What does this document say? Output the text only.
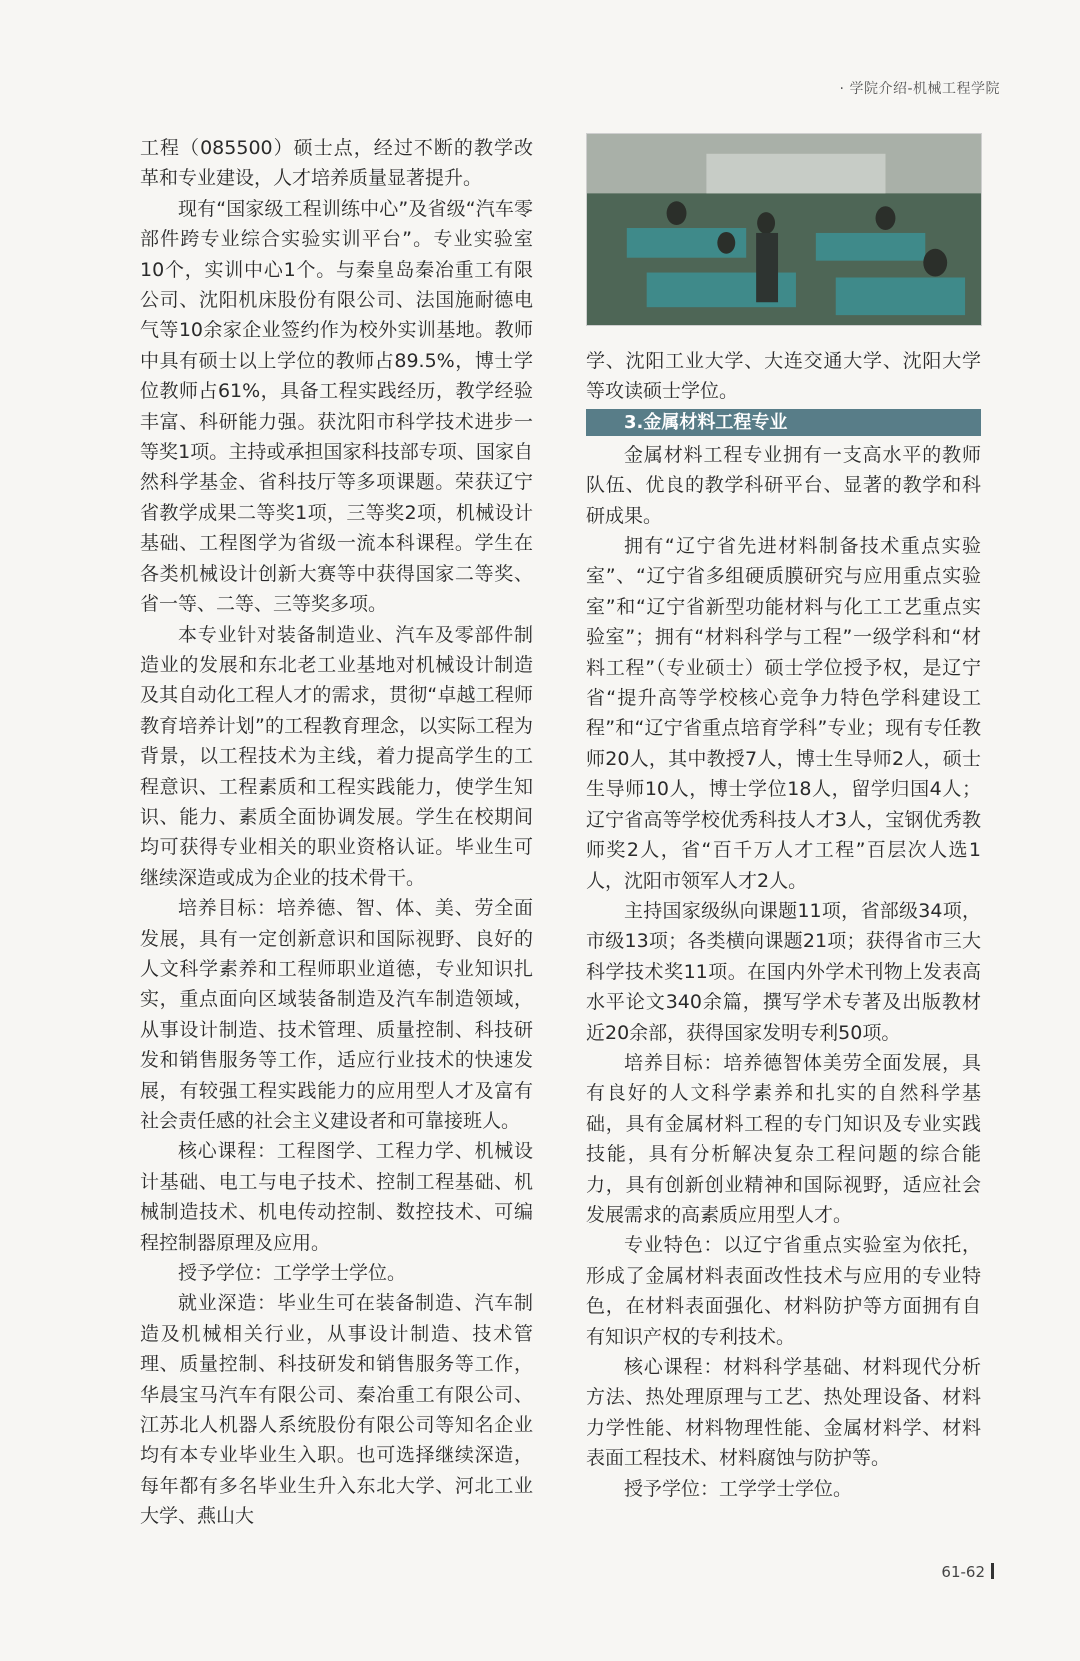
· 学院介绍-机械工程学院

工程（085500）硕士点，经过不断的教学改革和专业建设，人才培养质量显著提升。

现有“国家级工程训练中心”及省级“汽车零部件跨专业综合实验实训平台”。专业实验室10个，实训中心1个。与秦皇岛秦冶重工有限公司、沈阳机床股份有限公司、法国施耐德电气等10余家企业签约作为校外实训基地。教师中具有硕士以上学位的教师占89.5%，博士学位教师占61%，具备工程实践经历，教学经验丰富、科研能力强。获沈阳市科学技术进步一等奖1项。主持或承担国家科技部专项、国家自然科学基金、省科技厅等多项课题。荣获辽宁省教学成果二等奖1项，三等奖2项，机械设计基础、工程图学为省级一流本科课程。学生在各类机械设计创新大赛等中获得国家二等奖、省一等、二等、三等奖多项。

本专业针对装备制造业、汽车及零部件制造业的发展和东北老工业基地对机械设计制造及其自动化工程人才的需求，贯彻“卓越工程师教育培养计划”的工程教育理念，以实际工程为背景，以工程技术为主线，着力提高学生的工程意识、工程素质和工程实践能力，使学生知识、能力、素质全面协调发展。学生在校期间均可获得专业相关的职业资格认证。毕业生可继续深造或成为企业的技术骨干。

培养目标：培养德、智、体、美、劳全面发展，具有一定创新意识和国际视野、良好的人文科学素养和工程师职业道德，专业知识扎实，重点面向区域装备制造及汽车制造领域，从事设计制造、技术管理、质量控制、科技研发和销售服务等工作，适应行业技术的快速发展，有较强工程实践能力的应用型人才及富有社会责任感的社会主义建设者和可靠接班人。

核心课程：工程图学、工程力学、机械设计基础、电工与电子技术、控制工程基础、机械制造技术、机电传动控制、数控技术、可编程控制器原理及应用。

授予学位：工学学士学位。

就业深造：毕业生可在装备制造、汽车制造及机械相关行业，从事设计制造、技术管理、质量控制、科技研发和销售服务等工作，华晨宝马汽车有限公司、秦冶重工有限公司、江苏北人机器人系统股份有限公司等知名企业均有本专业毕业生入职。也可选择继续深造，每年都有多名毕业生升入东北大学、河北工业大学、燕山大

学、沈阳工业大学、大连交通大学、沈阳大学等攻读硕士学位。

3.金属材料工程专业

金属材料工程专业拥有一支高水平的教师队伍、优良的教学科研平台、显著的教学和科研成果。

拥有“辽宁省先进材料制备技术重点实验室”、“辽宁省多组硬质膜研究与应用重点实验室”和“辽宁省新型功能材料与化工工艺重点实验室”；拥有“材料科学与工程”一级学科和“材料工程”（专业硕士）硕士学位授予权，是辽宁省“提升高等学校核心竞争力特色学科建设工程”和“辽宁省重点培育学科”专业；现有专任教师20人，其中教授7人，博士生导师2人，硕士生导师10人，博士学位18人，留学归国4人；辽宁省高等学校优秀科技人才3人，宝钢优秀教师奖2人，省“百千万人才工程”百层次人选1人，沈阳市领军人才2人。

主持国家级纵向课题11项，省部级34项，市级13项；各类横向课题21项；获得省市三大科学技术奖11项。在国内外学术刊物上发表高水平论文340余篇，撰写学术专著及出版教材近20余部，获得国家发明专利50项。

培养目标：培养德智体美劳全面发展，具有良好的人文科学素养和扎实的自然科学基础，具有金属材料工程的专门知识及专业实践技能，具有分析解决复杂工程问题的综合能力，具有创新创业精神和国际视野，适应社会发展需求的高素质应用型人才。

专业特色：以辽宁省重点实验室为依托，形成了金属材料表面改性技术与应用的专业特色，在材料表面强化、材料防护等方面拥有自有知识产权的专利技术。

核心课程：材料科学基础、材料现代分析方法、热处理原理与工艺、热处理设备、材料力学性能、材料物理性能、金属材料学、材料表面工程技术、材料腐蚀与防护等。

授予学位：工学学士学位。

61-62
